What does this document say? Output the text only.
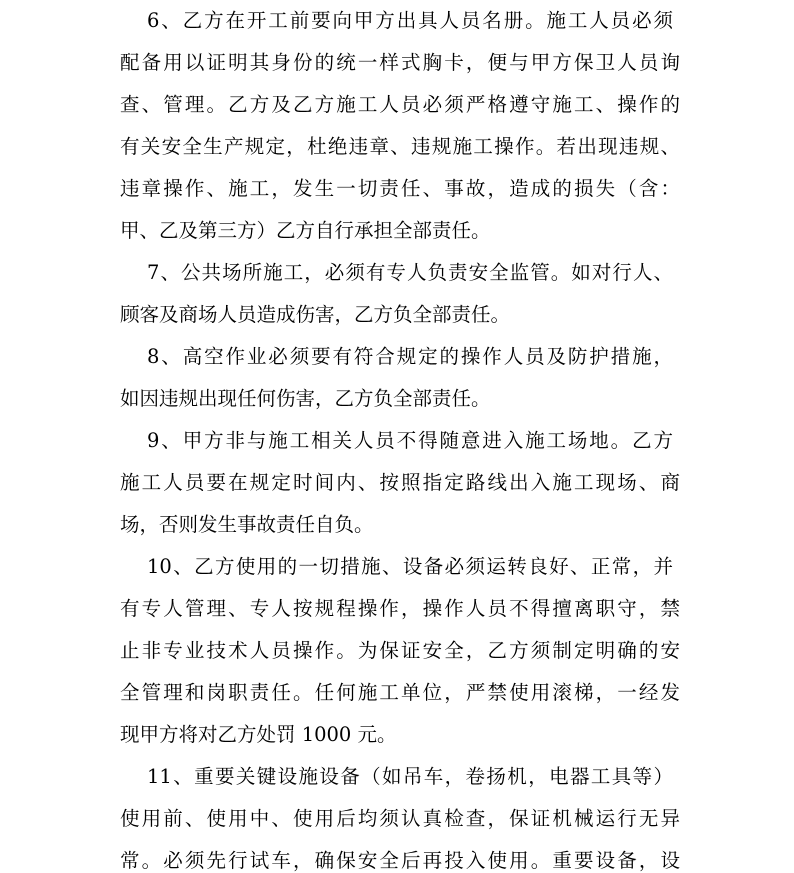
6、乙方在开工前要向甲方出具人员名册。施工人员必须
配备用以证明其身份的统一样式胸卡，便与甲方保卫人员询
查、管理。乙方及乙方施工人员必须严格遵守施工、操作的
有关安全生产规定，杜绝违章、违规施工操作。若出现违规、
违章操作、施工，发生一切责任、事故，造成的损失（含：
甲、乙及第三方）乙方自行承担全部责任。
7、公共场所施工，必须有专人负责安全监管。如对行人、
顾客及商场人员造成伤害，乙方负全部责任。
8、高空作业必须要有符合规定的操作人员及防护措施，
如因违规出现任何伤害，乙方负全部责任。
9、甲方非与施工相关人员不得随意进入施工场地。乙方
施工人员要在规定时间内、按照指定路线出入施工现场、商
场，否则发生事故责任自负。
10、乙方使用的一切措施、设备必须运转良好、正常，并
有专人管理、专人按规程操作，操作人员不得擅离职守，禁
止非专业技术人员操作。为保证安全，乙方须制定明确的安
全管理和岗职责任。任何施工单位，严禁使用滚梯，一经发
现甲方将对乙方处罚 1000 元。
11、重要关键设施设备（如吊车，卷扬机，电器工具等）
使用前、使用中、使用后均须认真检查，保证机械运行无异
常。必须先行试车，确保安全后再投入使用。重要设备，设
